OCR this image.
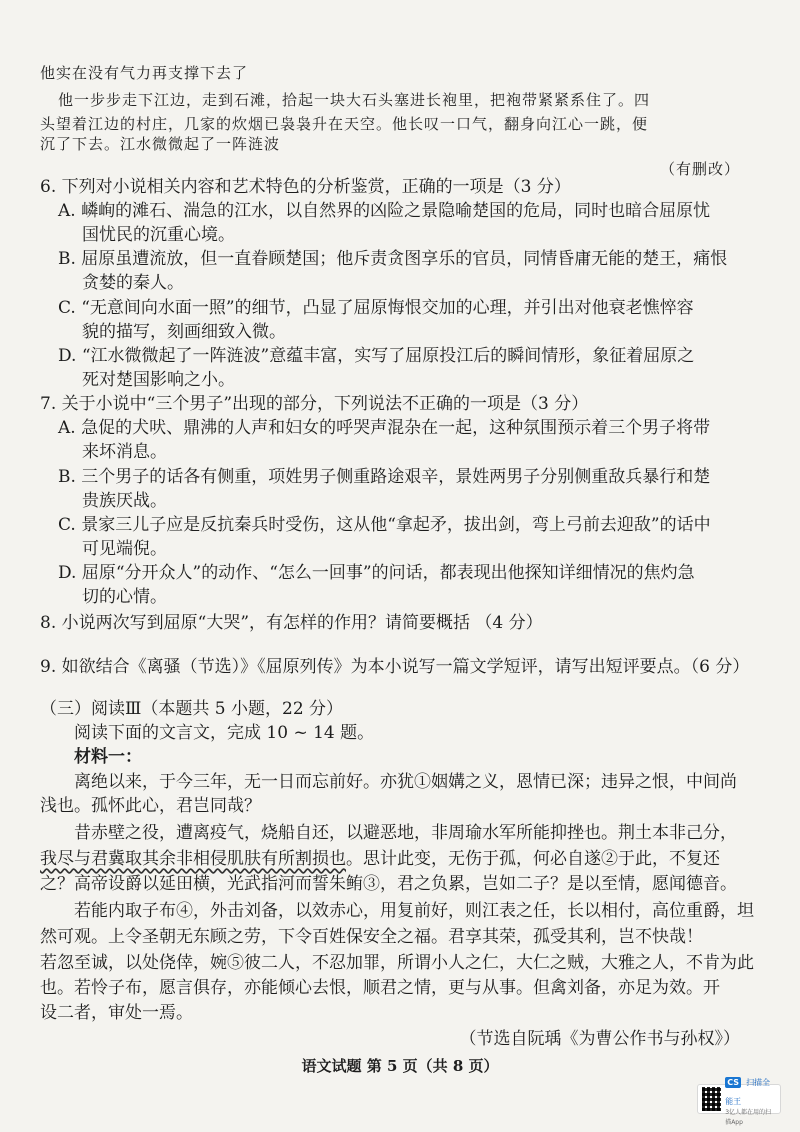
他实在没有气力再支撑下去了
他一步步走下江边，走到石滩，拾起一块大石头塞进长袍里，把袍带紧紧系住了。四
头望着江边的村庄，几家的炊烟已袅袅升在天空。他长叹一口气，翻身向江心一跳，便
沉了下去。江水微微起了一阵涟波
（有删改）
6. 下列对小说相关内容和艺术特色的分析鉴赏，正确的一项是（3 分）
A. 嶙峋的滩石、湍急的江水，以自然界的凶险之景隐喻楚国的危局，同时也暗合屈原忧
国忧民的沉重心境。
B. 屈原虽遭流放，但一直眷顾楚国；他斥责贪图享乐的官员，同情昏庸无能的楚王，痛恨
贪婪的秦人。
C. “无意间向水面一照”的细节，凸显了屈原悔恨交加的心理，并引出对他衰老憔悴容
貌的描写，刻画细致入微。
D. “江水微微起了一阵涟波”意蕴丰富，实写了屈原投江后的瞬间情形，象征着屈原之
死对楚国影响之小。
7. 关于小说中“三个男子”出现的部分，下列说法不正确的一项是（3 分）
A. 急促的犬吠、鼎沸的人声和妇女的呼哭声混杂在一起，这种氛围预示着三个男子将带
来坏消息。
B. 三个男子的话各有侧重，项姓男子侧重路途艰辛，景姓两男子分别侧重敌兵暴行和楚
贵族厌战。
C. 景家三儿子应是反抗秦兵时受伤，这从他“拿起矛，拔出剑，弯上弓前去迎敌”的话中
可见端倪。
D. 屈原“分开众人”的动作、“怎么一回事”的问话，都表现出他探知详细情况的焦灼急
切的心情。
8. 小说两次写到屈原“大哭”，有怎样的作用？请简要概括 （4 分）
9. 如欲结合《离骚（节选）》《屈原列传》为本小说写一篇文学短评，请写出短评要点。（6 分）
（三）阅读Ⅲ（本题共 5 小题，22 分）
阅读下面的文言文，完成 10 ~ 14 题。
材料一：
离绝以来，于今三年，无一日而忘前好。亦犹①姻媾之义，恩情已深；违异之恨，中间尚
浅也。孤怀此心，君岂同哉？
昔赤壁之役，遭离疫气，烧船自还，以避恶地，非周瑜水军所能抑挫也。荆土本非己分，
我尽与君冀取其余非相侵肌肤有所割损也。思计此变，无伤于孤，何必自遂②于此，不复还
之？高帝设爵以延田横，光武指河而誓朱鲔③，君之负累，岂如二子？是以至情，愿闻德音。
若能内取子布④，外击刘备，以效赤心，用复前好，则江表之任，长以相付，高位重爵，坦
然可观。上令圣朝无东顾之劳，下令百姓保安全之福。君享其荣，孤受其利，岂不快哉！
若忽至诚，以处侥倖，婉⑤彼二人，不忍加罪，所谓小人之仁，大仁之贼，大雅之人，不肯为此
也。若怜子布，愿言俱存，亦能倾心去恨，顺君之情，更与从事。但禽刘备，亦足为效。开
设二者，审处一焉。
（节选自阮瑀《为曹公作书与孙权》）
语文试题 第 5 页（共 8 页）
CS 扫描全能王
3亿人都在用的扫描App
